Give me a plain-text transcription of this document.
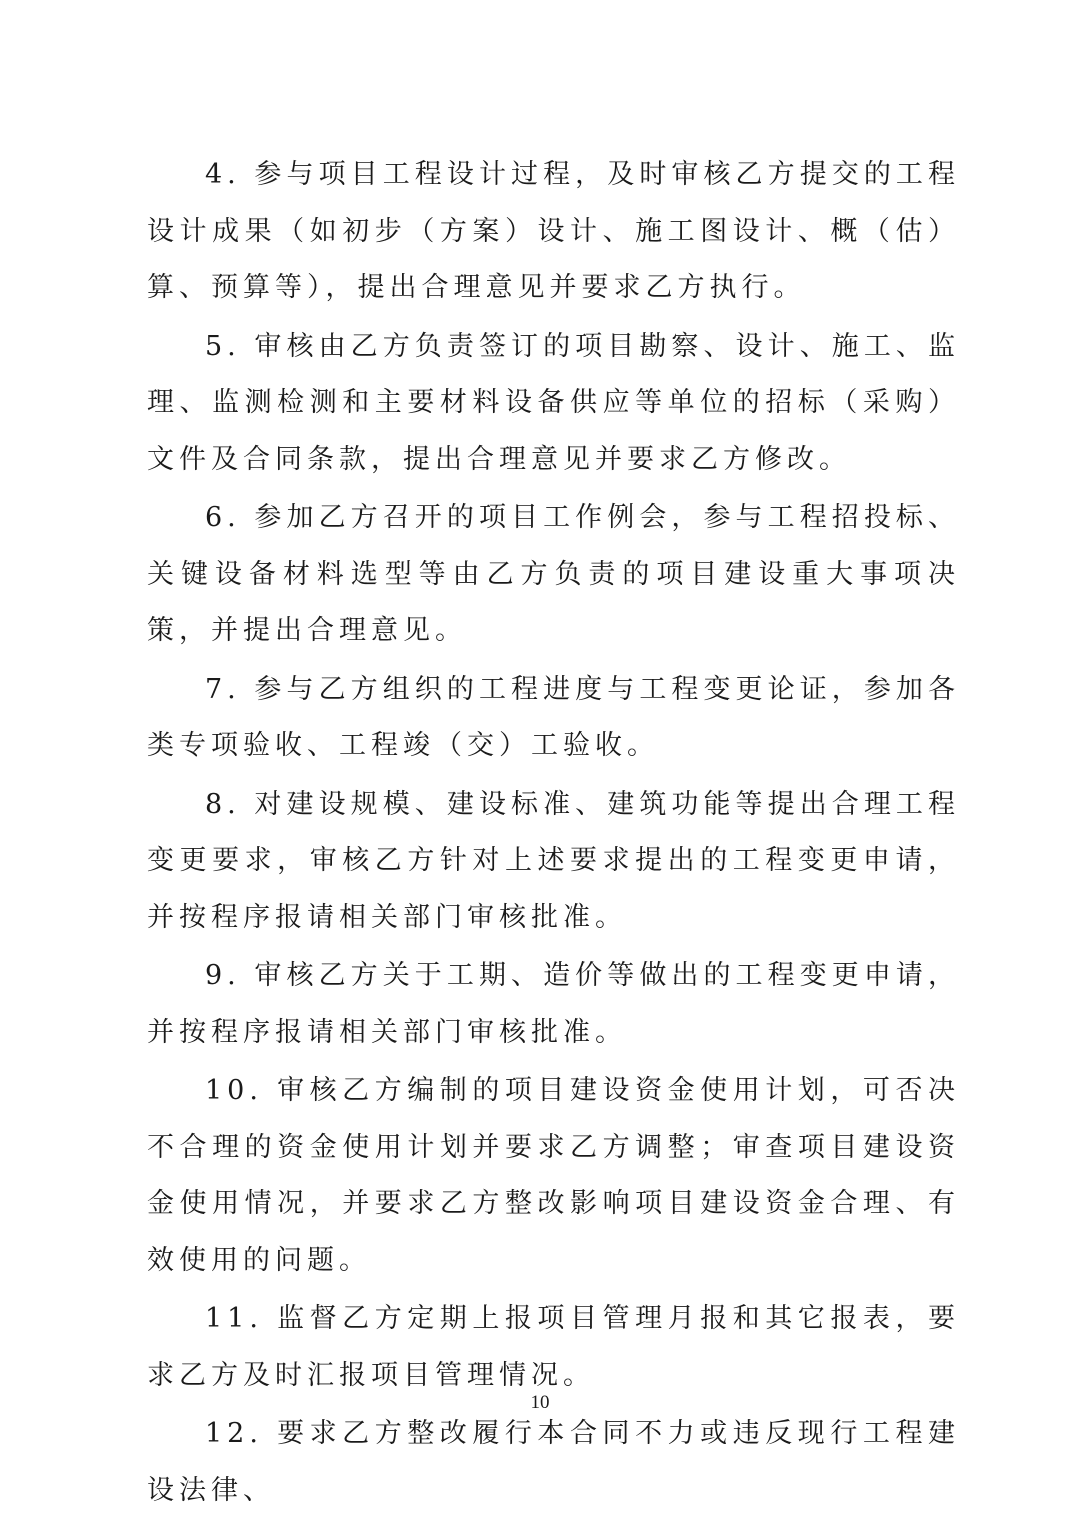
4. 参与项目工程设计过程，及时审核乙方提交的工程设计成果（如初步（方案）设计、施工图设计、概（估）算、预算等），提出合理意见并要求乙方执行。

5. 审核由乙方负责签订的项目勘察、设计、施工、监理、监测检测和主要材料设备供应等单位的招标（采购）文件及合同条款，提出合理意见并要求乙方修改。

6. 参加乙方召开的项目工作例会，参与工程招投标、关键设备材料选型等由乙方负责的项目建设重大事项决策，并提出合理意见。

7. 参与乙方组织的工程进度与工程变更论证，参加各类专项验收、工程竣（交）工验收。

8. 对建设规模、建设标准、建筑功能等提出合理工程变更要求，审核乙方针对上述要求提出的工程变更申请，并按程序报请相关部门审核批准。

9. 审核乙方关于工期、造价等做出的工程变更申请，并按程序报请相关部门审核批准。

10. 审核乙方编制的项目建设资金使用计划，可否决不合理的资金使用计划并要求乙方调整；审查项目建设资金使用情况，并要求乙方整改影响项目建设资金合理、有效使用的问题。

11. 监督乙方定期上报项目管理月报和其它报表，要求乙方及时汇报项目管理情况。

12. 要求乙方整改履行本合同不力或违反现行工程建设法律、

10
